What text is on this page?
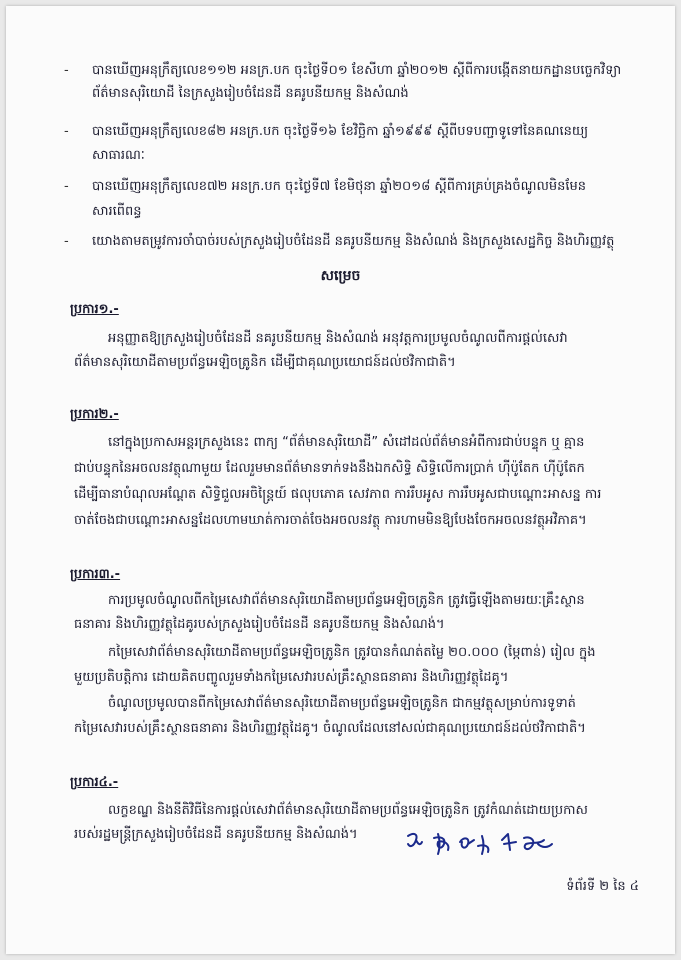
- បានឃើញអនុក្រឹត្យលេខ១១២ អនក្រ.បក ចុះថ្ងៃទី០១ ខែសីហា ឆ្នាំ២០១២ ស្តីពីការបង្កើតនាយកដ្ឋានបច្ចេកវិទ្យា
ព័ត៌មានសុរិយោដី នៃក្រសួងរៀបចំដែនដី នគរូបនីយកម្ម និងសំណង់
- បានឃើញអនុក្រឹត្យលេខ៨២ អនក្រ.បក ចុះថ្ងៃទី១៦ ខែវិច្ឆិកា ឆ្នាំ១៩៩៩ ស្តីពីបទបញ្ជាទូទៅនៃគណនេយ្យ
សាធារណៈ
- បានឃើញអនុក្រឹត្យលេខ៧២ អនក្រ.បក ចុះថ្ងៃទី៧ ខែមិថុនា ឆ្នាំ២០១៨ ស្តីពីការគ្រប់គ្រងចំណូលមិនមែន
សារពើពន្ធ
- យោងតាមតម្រូវការចាំបាច់របស់ក្រសួងរៀបចំដែនដី នគរូបនីយកម្ម និងសំណង់ និងក្រសួងសេដ្ឋកិច្ច និងហិរញ្ញវត្ថុ
សម្រេច
ប្រការ១.-
អនុញ្ញាតឱ្យក្រសួងរៀបចំដែនដី នគរូបនីយកម្ម និងសំណង់ អនុវត្តការប្រមូលចំណូលពីការផ្តល់សេវា
ព័ត៌មានសុរិយោដីតាមប្រព័ន្ធអេឡិចត្រូនិក ដើម្បីជាគុណប្រយោជន៍ដល់ថវិកាជាតិ។
ប្រការ២.-
នៅក្នុងប្រកាសអន្តរក្រសួងនេះ ពាក្យ “ព័ត៌មានសុរិយោដី” សំដៅដល់ព័ត៌មានអំពីការជាប់បន្ទុក ឬ គ្មាន
ជាប់បន្ទុកនៃអចលនវត្ថុណាមួយ ដែលរួមមានព័ត៌មានទាក់ទងនឹងឯកសិទ្ធិ សិទ្ធិលើការប្រាក់ ហ៊ីប៉ូតែក ហ៊ីប៉ូតែក
ដើម្បីធានាបំណុលអណ្តែត សិទ្ធិជួលអចិន្ត្រៃយ៍ ផលុបភោគ សេវភាព ការរឹបអូស ការរឹបអូសជាបណ្តោះអាសន្ន ការ
ចាត់ចែងជាបណ្តោះអាសន្នដែលហាមឃាត់ការចាត់ចែងអចលនវត្ថុ ការហាមមិនឱ្យបែងចែកអចលនវត្ថុអវិភាគ។
ប្រការ៣.-
ការប្រមូលចំណូលពីកម្រៃសេវាព័ត៌មានសុរិយោដីតាមប្រព័ន្ធអេឡិចត្រូនិក ត្រូវធ្វើឡើងតាមរយៈគ្រឹះស្ថាន
ធនាគារ និងហិរញ្ញវត្ថុដៃគូរបស់ក្រសួងរៀបចំដែនដី នគរូបនីយកម្ម និងសំណង់។
កម្រៃសេវាព័ត៌មានសុរិយោដីតាមប្រព័ន្ធអេឡិចត្រូនិក ត្រូវបានកំណត់តម្លៃ ២០.០០០ (ម្ភៃពាន់) រៀល ក្នុង
មួយប្រតិបត្តិការ ដោយគិតបញ្ចូលរួមទាំងកម្រៃសេវារបស់គ្រឹះស្ថានធនាគារ និងហិរញ្ញវត្ថុដៃគូ។
ចំណូលប្រមូលបានពីកម្រៃសេវាព័ត៌មានសុរិយោដីតាមប្រព័ន្ធអេឡិចត្រូនិក ជាកម្មវត្ថុសម្រាប់ការទូទាត់
កម្រៃសេវារបស់គ្រឹះស្ថានធនាគារ និងហិរញ្ញវត្ថុដៃគូ។ ចំណូលដែលនៅសល់ជាគុណប្រយោជន៍ដល់ថវិកាជាតិ។
ប្រការ៤.-
លក្ខខណ្ឌ និងនីតិវិធីនៃការផ្តល់សេវាព័ត៌មានសុរិយោដីតាមប្រព័ន្ធអេឡិចត្រូនិក ត្រូវកំណត់ដោយប្រកាស
របស់រដ្ឋមន្ត្រីក្រសួងរៀបចំដែនដី នគរូបនីយកម្ម និងសំណង់។
ទំព័រទី ២ នៃ ៤
